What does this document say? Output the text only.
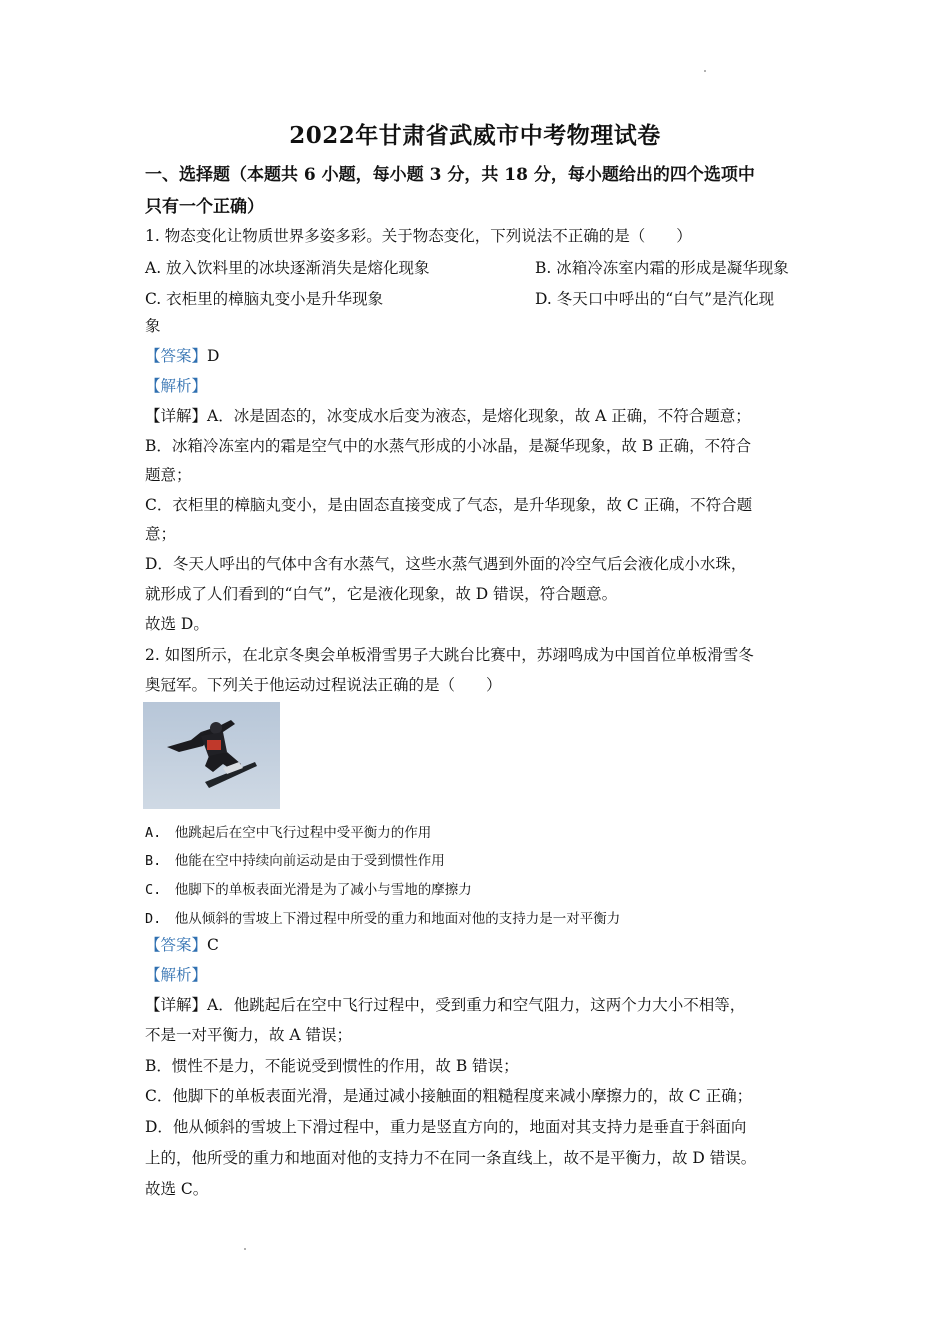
2022年甘肃省武威市中考物理试卷
一、选择题（本题共 6 小题，每小题 3 分，共 18 分，每小题给出的四个选项中
只有一个正确）
1. 物态变化让物质世界多姿多彩。关于物态变化，下列说法不正确的是（　　）
A. 放入饮料里的冰块逐渐消失是熔化现象	B. 冰箱冷冻室内霜的形成是凝华现象
C. 衣柜里的樟脑丸变小是升华现象	D. 冬天口中呼出的“白气”是汽化现
象
【答案】D
【解析】
【详解】A．冰是固态的，冰变成水后变为液态，是熔化现象，故 A 正确，不符合题意；
B．冰箱冷冻室内的霜是空气中的水蒸气形成的小冰晶，是凝华现象，故 B 正确，不符合
题意；
C．衣柜里的樟脑丸变小，是由固态直接变成了气态，是升华现象，故 C 正确，不符合题
意；
D．冬天人呼出的气体中含有水蒸气，这些水蒸气遇到外面的冷空气后会液化成小水珠，
就形成了人们看到的“白气”，它是液化现象，故 D 错误，符合题意。
故选 D。
2. 如图所示，在北京冬奥会单板滑雪男子大跳台比赛中，苏翊鸣成为中国首位单板滑雪冬
奥冠军。下列关于他运动过程说法正确的是（　　）
A.　他跳起后在空中飞行过程中受平衡力的作用
B.　他能在空中持续向前运动是由于受到惯性作用
C.　他脚下的单板表面光滑是为了减小与雪地的摩擦力
D.　他从倾斜的雪坡上下滑过程中所受的重力和地面对他的支持力是一对平衡力
【答案】C
【解析】
【详解】A．他跳起后在空中飞行过程中，受到重力和空气阻力，这两个力大小不相等，
不是一对平衡力，故 A 错误；
B．惯性不是力，不能说受到惯性的作用，故 B 错误；
C．他脚下的单板表面光滑，是通过减小接触面的粗糙程度来减小摩擦力的，故 C 正确；
D．他从倾斜的雪坡上下滑过程中，重力是竖直方向的，地面对其支持力是垂直于斜面向
上的，他所受的重力和地面对他的支持力不在同一条直线上，故不是平衡力，故 D 错误。
故选 C。
